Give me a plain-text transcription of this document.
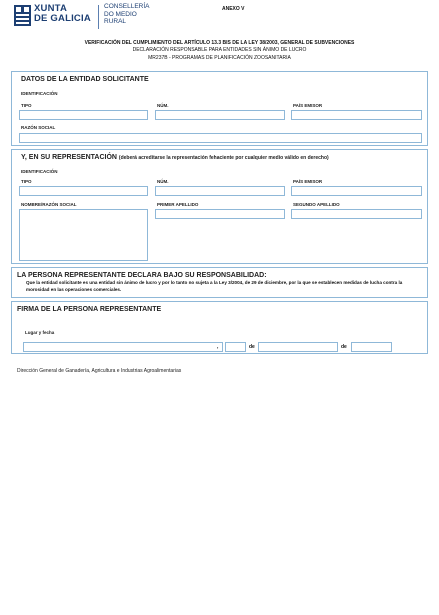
XUNTA
DE GALICIA
CONSELLERÍA
DO MEDIO
RURAL
ANEXO V
VERIFICACIÓN DEL CUMPLIMIENTO DEL ARTÍCULO 13.3 BIS DE LA LEY 38/2003, GENERAL DE SUBVENCIONES
DECLARACIÓN RESPONSABLE PARA ENTIDADES SIN ÁNIMO DE LUCRO
MR237B - PROGRAMAS DE PLANIFICACIÓN ZOOSANITARIA
DATOS DE LA ENTIDAD SOLICITANTE
IDENTIFICACIÓN
TIPO	NÚM.	PAÍS EMISOR
RAZÓN SOCIAL
Y, EN SU REPRESENTACIÓN (deberá acreditarse la representación fehaciente por cualquier medio válido en derecho)
IDENTIFICACIÓN
TIPO	NÚM.	PAÍS EMISOR
NOMBRE/RAZÓN SOCIAL	PRIMER APELLIDO	SEGUNDO APELLIDO
LA PERSONA REPRESENTANTE DECLARA BAJO SU RESPONSABILIDAD:
Que la entidad solicitante es una entidad sin ánimo de lucro y por lo tanto no sujeta a la Ley 3/2004, de 29 de diciembre, por la que se establecen medidas de lucha contra la morosidad en las operaciones comerciales.
FIRMA DE LA PERSONA REPRESENTANTE
Lugar y fecha
,	de	de
Dirección General de Ganadería, Agricultura e Industrias Agroalimentarias
